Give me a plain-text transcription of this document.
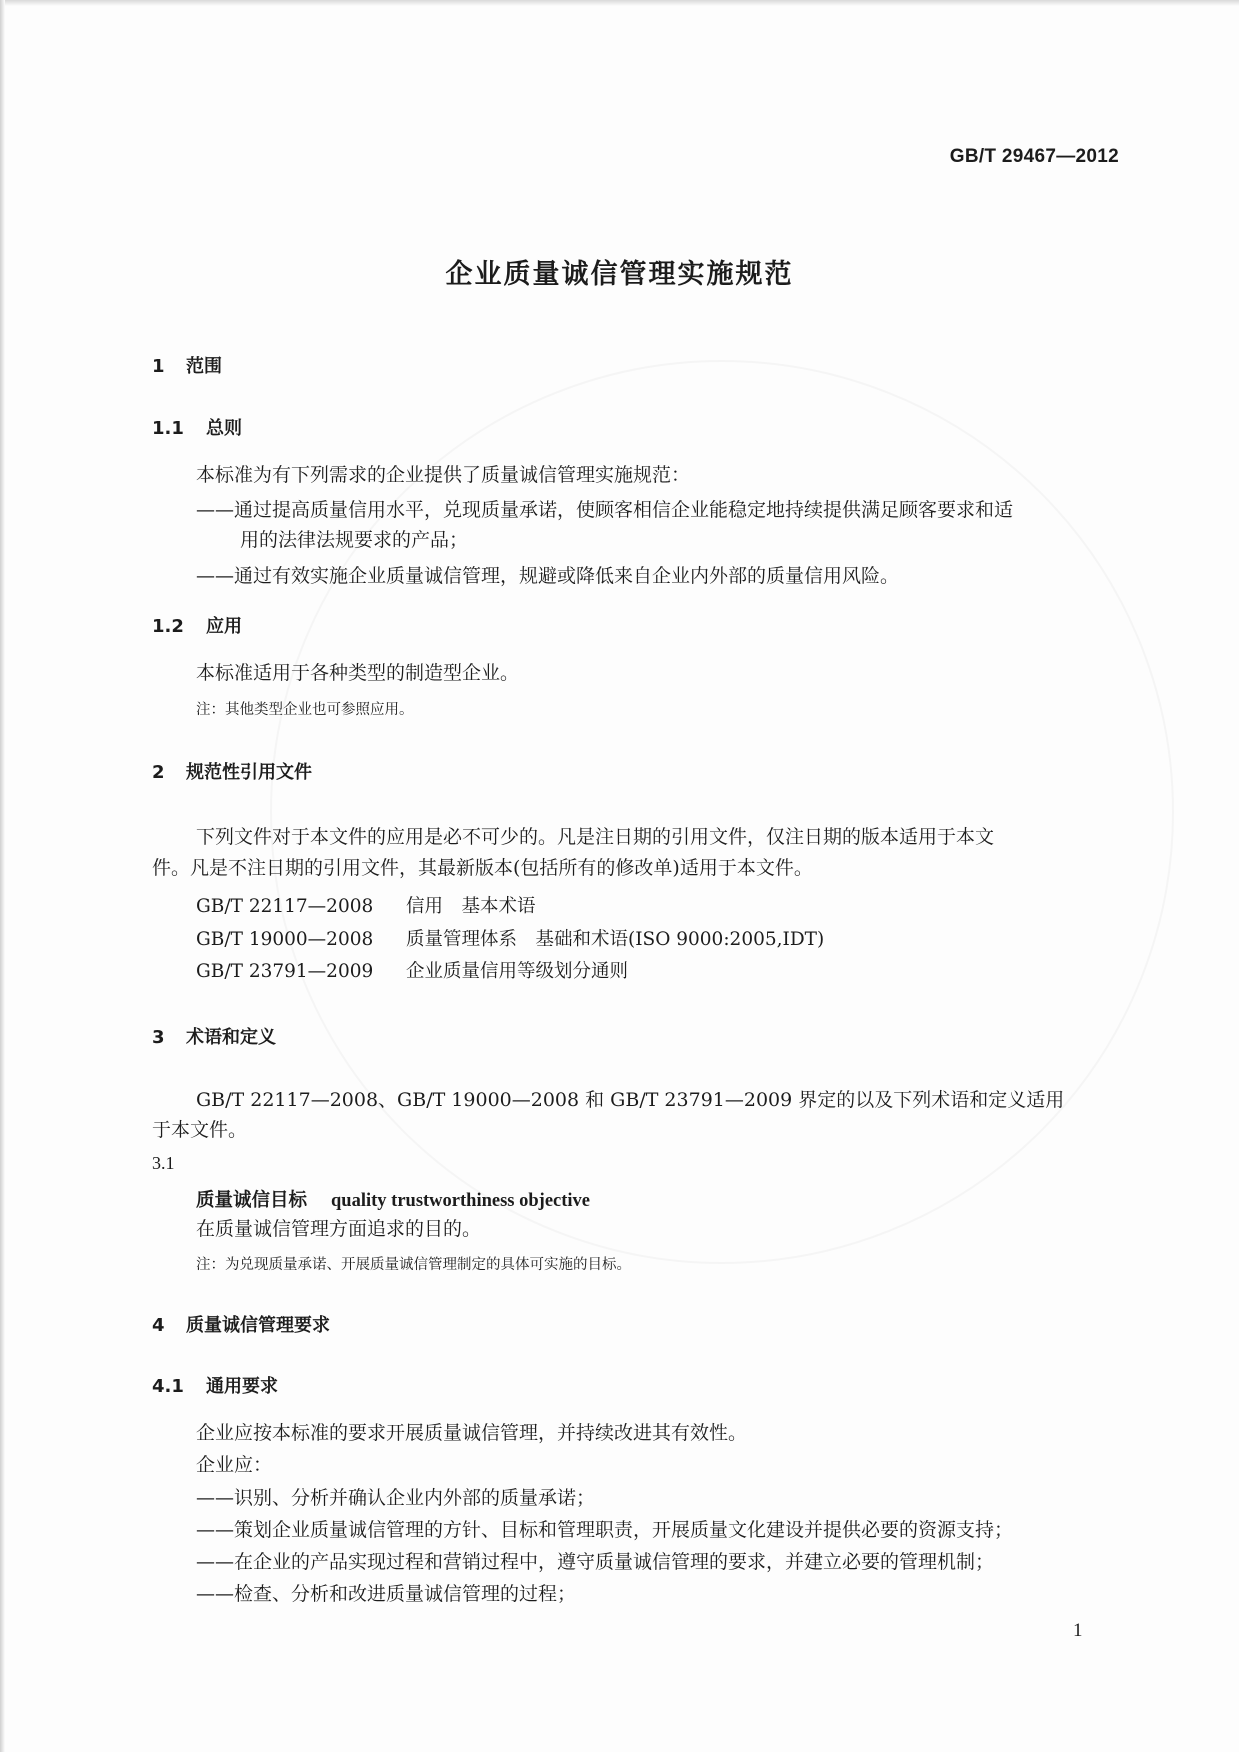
GB/T 29467—2012
企业质量诚信管理实施规范
1 范围
1.1 总则
本标准为有下列需求的企业提供了质量诚信管理实施规范：
——通过提高质量信用水平，兑现质量承诺，使顾客相信企业能稳定地持续提供满足顾客要求和适
用的法律法规要求的产品；
——通过有效实施企业质量诚信管理，规避或降低来自企业内外部的质量信用风险。
1.2 应用
本标准适用于各种类型的制造型企业。
注：其他类型企业也可参照应用。
2 规范性引用文件
下列文件对于本文件的应用是必不可少的。凡是注日期的引用文件，仅注日期的版本适用于本文
件。凡是不注日期的引用文件，其最新版本(包括所有的修改单)适用于本文件。
GB/T 22117—2008 信用　基本术语
GB/T 19000—2008 质量管理体系　基础和术语(ISO 9000:2005,IDT)
GB/T 23791—2009 企业质量信用等级划分通则
3 术语和定义
GB/T 22117—2008、GB/T 19000—2008 和 GB/T 23791—2009 界定的以及下列术语和定义适用
于本文件。
3.1
质量诚信目标 quality trustworthiness objective
在质量诚信管理方面追求的目的。
注：为兑现质量承诺、开展质量诚信管理制定的具体可实施的目标。
4 质量诚信管理要求
4.1 通用要求
企业应按本标准的要求开展质量诚信管理，并持续改进其有效性。
企业应：
——识别、分析并确认企业内外部的质量承诺；
——策划企业质量诚信管理的方针、目标和管理职责，开展质量文化建设并提供必要的资源支持；
——在企业的产品实现过程和营销过程中，遵守质量诚信管理的要求，并建立必要的管理机制；
——检查、分析和改进质量诚信管理的过程；
1
